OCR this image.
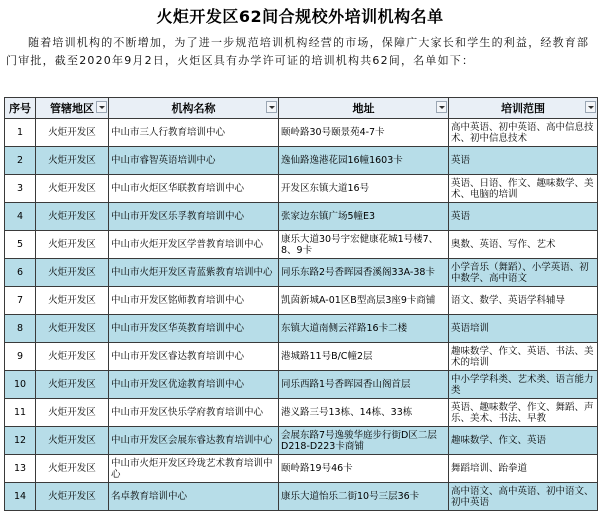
火炬开发区62间合规校外培训机构名单
随着培训机构的不断增加，为了进一步规范培训机构经营的市场，保障广大家长和学生的利益，经教育部门审批，截至2020年9月2日，火炬区具有办学许可证的培训机构共62间，名单如下：
序号	管辖地区	机构名称	地址	培训范围

1	火炬开发区	中山市三人行教育培训中心	颐岭路30号颐景苑4-7卡	高中英语、初中英语、高中信息技术、初中信息技术
2	火炬开发区	中山市睿智英语培训中心	逸仙路逸港花园16幢1603卡	英语
3	火炬开发区	中山市火炬区华联教育培训中心	开发区东镇大道16号	英语、日语、作文、趣味数学、美术、电脑的培训
4	火炬开发区	中山市开发区乐孚教育培训中心	张家边东镇广场5幢E3	英语
5	火炬开发区	中山市火炬开发区学普教育培训中心	康乐大道30号宇宏健康花城1号楼7、8、9卡	奥数、英语、写作、艺术
6	火炬开发区	中山市火炬开发区青蓝紫教育培训中心	同乐东路2号香晖园香溪阁33A-38卡	小学音乐（舞蹈）、小学英语、初中数学、高中语文
7	火炬开发区	中山市开发区铭师教育培训中心	凯茵新城A-01区B型高层3座9卡商铺	语文、数学、英语学科辅导
8	火炬开发区	中山市开发区华英教育培训中心	东镇大道南侧云祥路16卡二楼	英语培训
9	火炬开发区	中山市开发区睿达教育培训中心	港城路11号B/C幢2层	趣味数学、作文、英语、书法、美术的培训
10	火炬开发区	中山市开发区优途教育培训中心	同乐西路1号香晖园香山阁首层	中小学学科类、艺术类、语言能力类
11	火炬开发区	中山市开发区快乐学府教育培训中心	港义路三号13栋、14栋、33栋	英语、趣味数学、作文、舞蹈、声乐、美术、书法、早教
12	火炬开发区	中山市开发区会展东睿达教育培训中心	会展东路7号逸骏华庭步行街D区二层D218-D223卡商铺	趣味数学、作文、英语
13	火炬开发区	中山市火炬开发区玲珑艺术教育培训中心	颐岭路19号46卡	舞蹈培训、跆拳道
14	火炬开发区	名卓教育培训中心	康乐大道怡乐二街10号三层36卡	高中语文、高中英语、初中语文、初中英语
